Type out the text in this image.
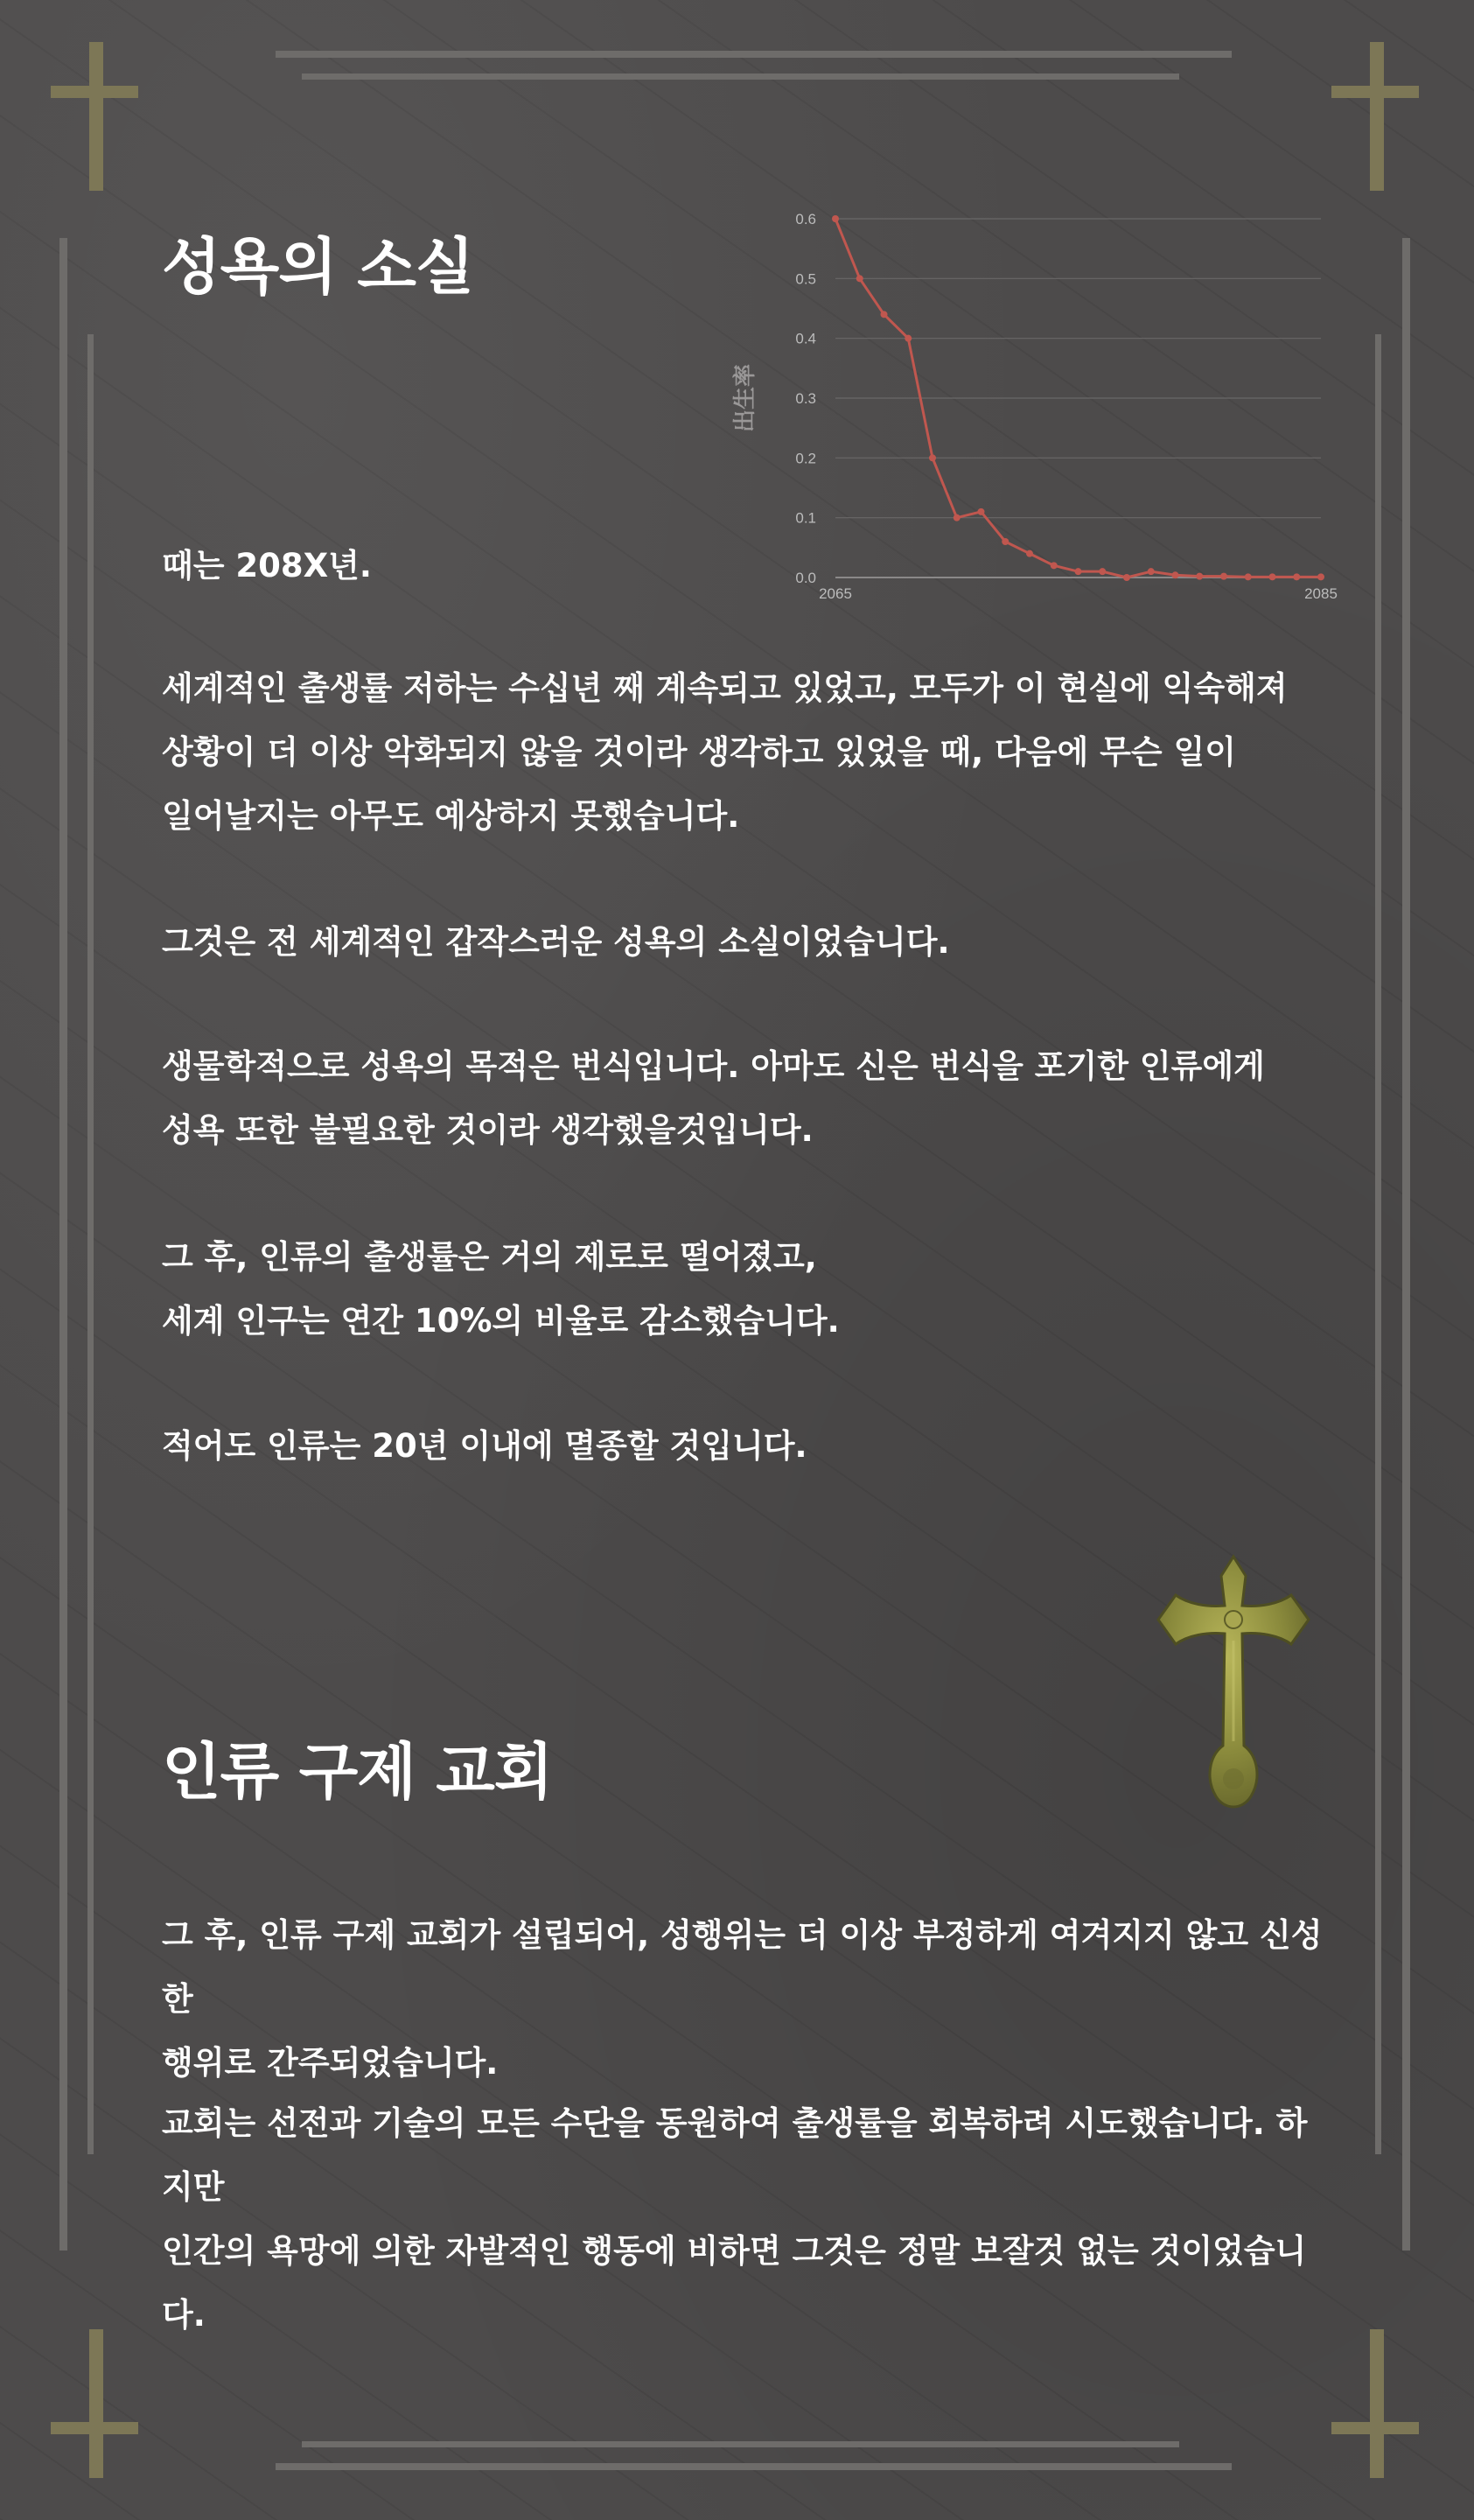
성욕의 소실
0.6
0.5
0.4
0.3
0.2
0.1
0.0
2065	2085
出生率

때는 208X년.

세계적인 출생률 저하는 수십년 째 계속되고 있었고, 모두가 이 현실에 익숙해져
상황이 더 이상 악화되지 않을 것이라 생각하고 있었을 때, 다음에 무슨 일이
일어날지는 아무도 예상하지 못했습니다.

그것은 전 세계적인 갑작스러운 성욕의 소실이었습니다.

생물학적으로 성욕의 목적은 번식입니다. 아마도 신은 번식을 포기한 인류에게
성욕 또한 불필요한 것이라 생각했을것입니다.

그 후, 인류의 출생률은 거의 제로로 떨어졌고,
세계 인구는 연간 10%의 비율로 감소했습니다.

적어도 인류는 20년 이내에 멸종할 것입니다.

인류 구제 교회

그 후, 인류 구제 교회가 설립되어, 성행위는 더 이상 부정하게 여겨지지 않고 신성한
행위로 간주되었습니다.

교회는 선전과 기술의 모든 수단을 동원하여 출생률을 회복하려 시도했습니다. 하지만
인간의 욕망에 의한 자발적인 행동에 비하면 그것은 정말 보잘것 없는 것이었습니다.
